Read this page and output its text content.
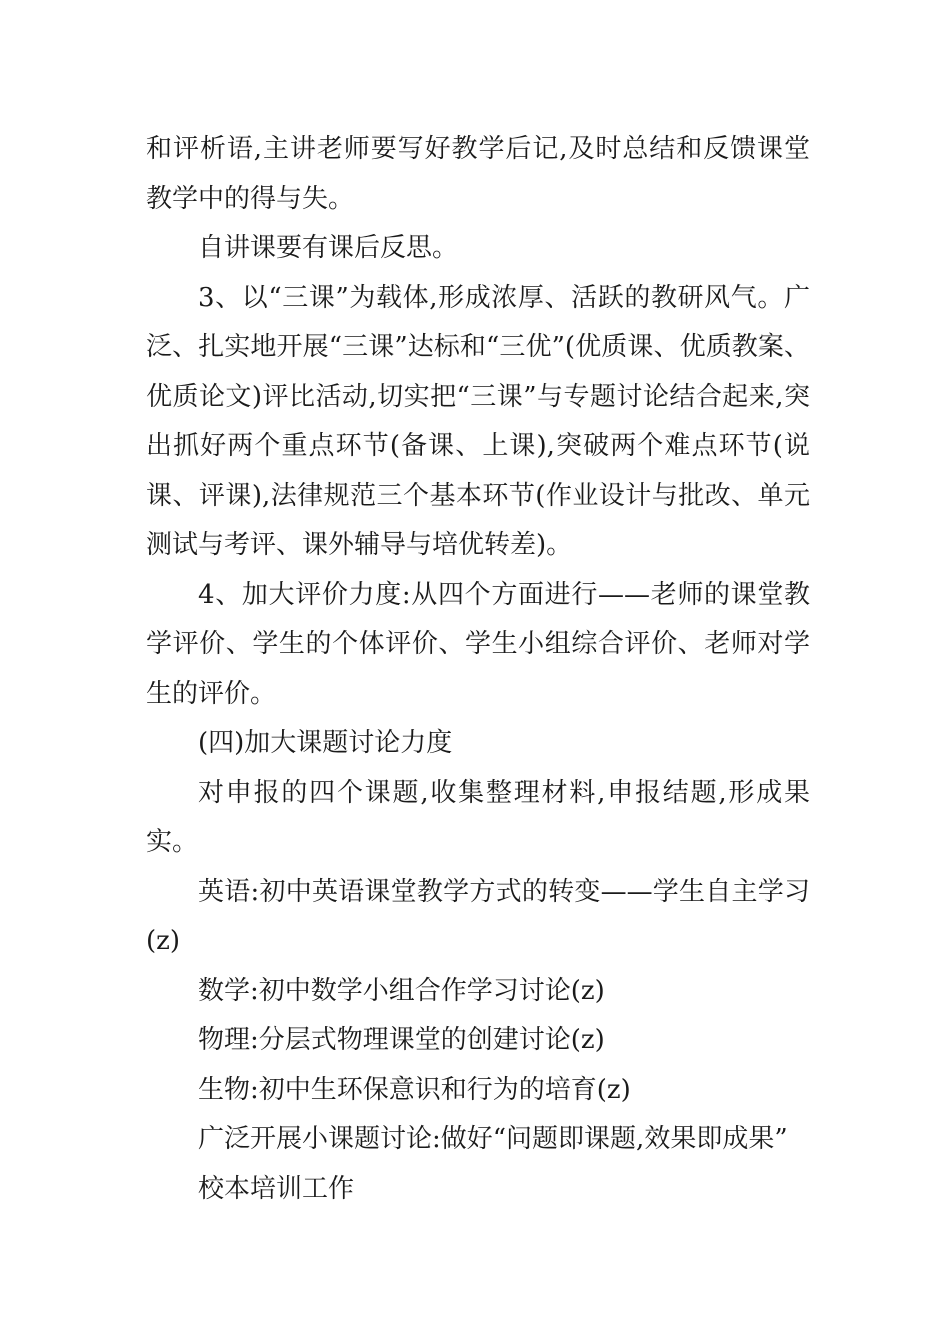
和评析语,主讲老师要写好教学后记,及时总结和反馈课堂教学中的得与失。

自讲课要有课后反思。

3、以“三课”为载体,形成浓厚、活跃的教研风气。广泛、扎实地开展“三课”达标和“三优”(优质课、优质教案、优质论文)评比活动,切实把“三课”与专题讨论结合起来,突出抓好两个重点环节(备课、上课),突破两个难点环节(说课、评课),法律规范三个基本环节(作业设计与批改、单元测试与考评、课外辅导与培优转差)。

4、加大评价力度:从四个方面进行——老师的课堂教学评价、学生的个体评价、学生小组综合评价、老师对学生的评价。

(四)加大课题讨论力度

对申报的四个课题,收集整理材料,申报结题,形成果实。

英语:初中英语课堂教学方式的转变——学生自主学习(z)

数学:初中数学小组合作学习讨论(z)

物理:分层式物理课堂的创建讨论(z)

生物:初中生环保意识和行为的培育(z)

广泛开展小课题讨论:做好“问题即课题,效果即成果”

校本培训工作
